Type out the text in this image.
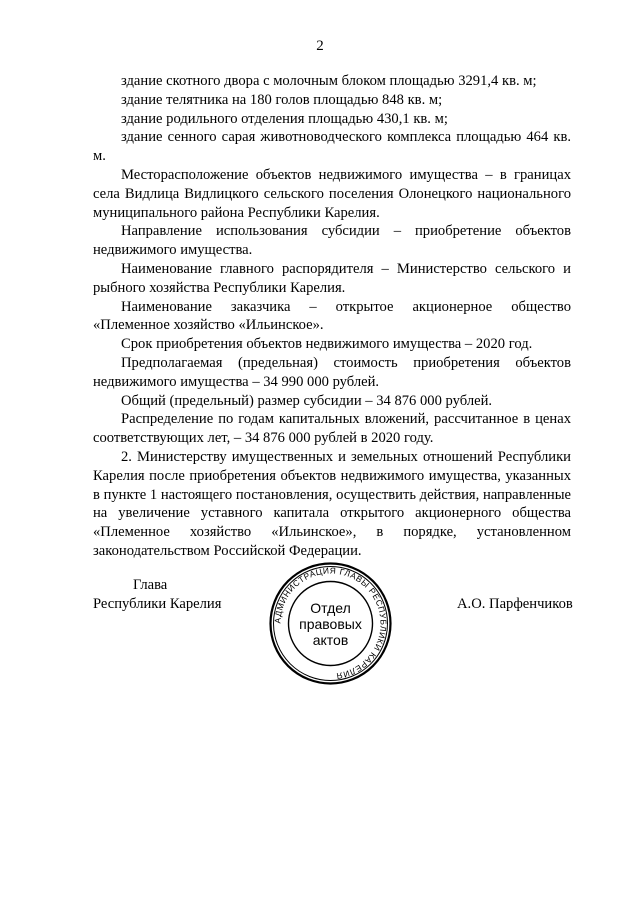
2

здание скотного двора с молочным блоком площадью 3291,4 кв. м;

здание телятника на 180 голов площадью 848 кв. м;

здание родильного отделения площадью 430,1 кв. м;

здание сенного сарая животноводческого комплекса площадью 464 кв. м.

Месторасположение объектов недвижимого имущества – в границах села Видлица Видлицкого сельского поселения Олонецкого национального муниципального района Республики Карелия.

Направление использования субсидии – приобретение объектов недвижимого имущества.

Наименование главного распорядителя – Министерство сельского и рыбного хозяйства Республики Карелия.

Наименование заказчика – открытое акционерное общество «Племенное хозяйство «Ильинское».

Срок приобретения объектов недвижимого имущества – 2020 год.

Предполагаемая (предельная) стоимость приобретения объектов недвижимого имущества – 34 990 000 рублей.

Общий (предельный) размер субсидии – 34 876 000 рублей.

Распределение по годам капитальных вложений, рассчитанное в ценах соответствующих лет, – 34 876 000 рублей в 2020 году.

2. Министерству имущественных и земельных отношений Республики Карелия после приобретения объектов недвижимого имущества, указанных в пункте 1 настоящего постановления, осуществить действия, направленные на увеличение уставного капитала открытого акционерного общества «Племенное хозяйство «Ильинское», в порядке, установленном законодательством Российской Федерации.

Глава
Республики Карелия
АДМИНИСТРАЦИЯ ГЛАВЫ РЕСПУБЛИКИ КАРЕЛИЯ
Отдел
правовых
актов
А.О. Парфенчиков
